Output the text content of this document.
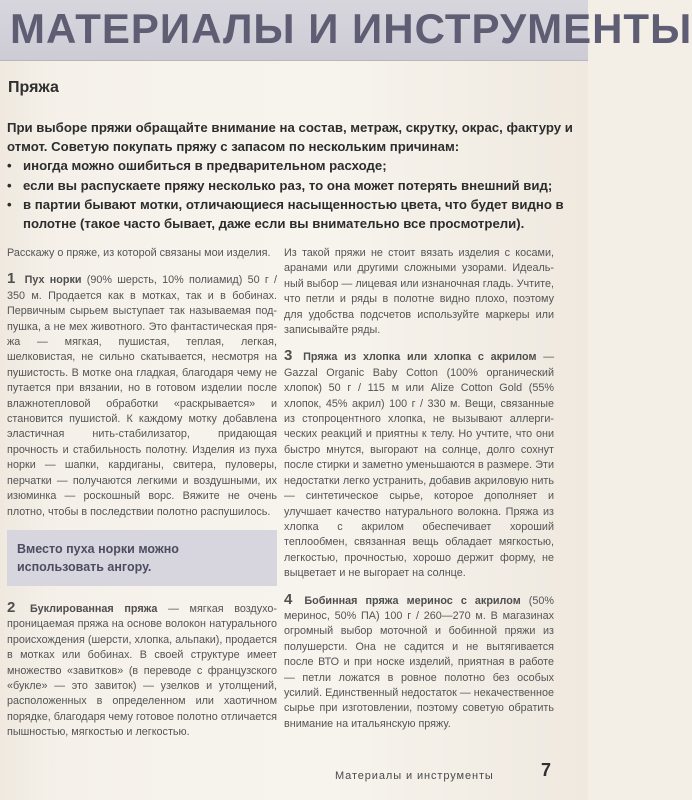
МАТЕРИАЛЫ И ИНСТРУМЕНТЫ
Пряжа

При выборе пряжи обращайте внимание на состав, метраж, скрутку, окрас, фактуру и отмот. Советую покупать пряжу с запасом по нескольким причинам:

• иногда можно ошибиться в предварительном расходе;
• если вы распускаете пряжу несколько раз, то она может потерять внешний вид;
• в партии бывают мотки, отличающиеся насыщенностью цвета, что будет видно в полотне (такое часто бывает, даже если вы внимательно все просмотрели).

Расскажу о пряже, из которой связаны мои изделия.

1 Пух норки (90% шерсть, 10% полиамид) 50 г / 350 м. Продается как в мотках, так и в бобинах. Первичным сырьем выступает так называемая подпушка, а не мех животного. Это фантастическая пряжа — мягкая, пушистая, теплая, легкая, шелковистая, не сильно скатывается, несмотря на пушистость. В мотке она гладкая, благодаря чему не путается при вязании, но в готовом изделии после влажнотепловой обработки «раскрывается» и становится пушистой. К каждому мотку добавлена эластичная нить-стабилизатор, придающая прочность и стабильность полотну. Изделия из пуха норки — шапки, кардиганы, свитера, пуловеры, перчатки — получаются легкими и воздушными, их изюминка — роскошный ворс. Вяжите не очень плотно, чтобы в последствии полотно распушилось.

Вместо пуха норки можно использовать ангору.

2 Буклированная пряжа — мягкая воздухопроницаемая пряжа на основе волокон натурального происхождения (шерсти, хлопка, альпаки), продается в мотках или бобинах. В своей структуре имеет множество «завитков» (в переводе с французского «букле» — это завиток) — узелков и утолщений, расположенных в определенном или хаотичном порядке, благодаря чему готовое полотно отличается пышностью, мягкостью и легкостью.

Из такой пряжи не стоит вязать изделия с косами, аранами или другими сложными узорами. Идеальный выбор — лицевая или изнаночная гладь. Учтите, что петли и ряды в полотне видно плохо, поэтому для удобства подсчетов используйте маркеры или записывайте ряды.

3 Пряжа из хлопка или хлопка с акрилом — Gazzal Organic Baby Cotton (100% органический хлопок) 50 г / 115 м или Alize Cotton Gold (55% хлопок, 45% акрил) 100 г / 330 м. Вещи, связанные из стопроцентного хлопка, не вызывают аллергических реакций и приятны к телу. Но учтите, что они быстро мнутся, выгорают на солнце, долго сохнут после стирки и заметно уменьшаются в размере. Эти недостатки легко устранить, добавив акриловую нить — синтетическое сырье, которое дополняет и улучшает качество натурального волокна. Пряжа из хлопка с акрилом обеспечивает хороший теплообмен, связанная вещь обладает мягкостью, легкостью, прочностью, хорошо держит форму, не выцветает и не выгорает на солнце.

4 Бобинная пряжа меринос с акрилом (50% меринос, 50% ПА) 100 г / 260—270 м. В магазинах огромный выбор моточной и бобинной пряжи из полушерсти. Она не садится и не вытягивается после ВТО и при носке изделий, приятная в работе — петли ложатся в ровное полотно без особых усилий. Единственный недостаток — некачественное сырье при изготовлении, поэтому советую обратить внимание на итальянскую пряжу.

Материалы и инструменты	7
